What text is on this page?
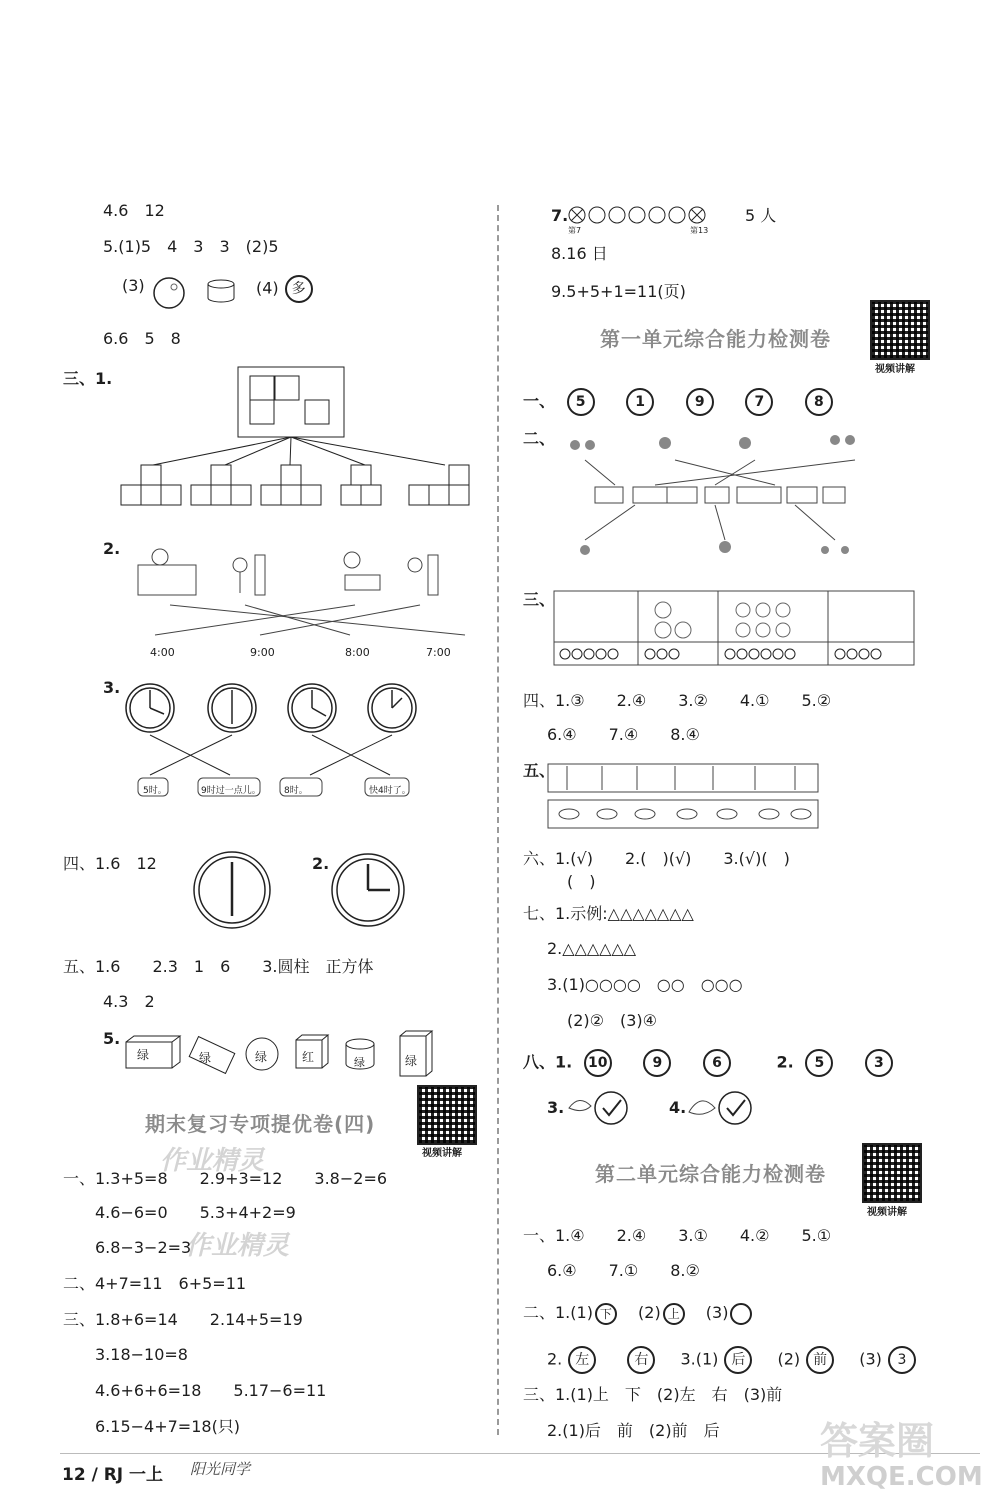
4.6　12
5.(1)5　4　3　3　(2)5
(3)	(4) 多
6.6　5　8
三、1.
2.
4:00	9:00	8:00	7:00
3.
5时。	9时过一点儿。	8时。	快4时了。
四、1.6　12	2.
五、1.6　　2.3　1　6　　3.圆柱　正方体
4.3　2
5.
绿	绿	绿	红	绿	绿
期末复习专项提优卷(四)
视频讲解
作业精灵
作业精灵
一、1.3+5=8　　2.9+3=12　　3.8−2=6
4.6−6=0　　5.3+4+2=9
6.8−3−2=3
二、4+7=11　6+5=11
三、1.8+6=14　　2.14+5=19
3.18−10=8
4.6+6+6=18　　5.17−6=11
6.15−4+7=18(只)
7.
第7	第13
5 人
8.16 日
9.5+5+1=11(页)
第一单元综合能力检测卷
视频讲解
一、 5	1	9	7	8
二、
三、
四、1.③　　2.④　　3.②　　4.①　　5.②
6.④　　7.④　　8.④
五、
六、1.(√)　　2.(　)(√)　　3.(√)(　)
(　)
七、1.示例:△△△△△△△
2.△△△△△△
3.(1)○○○○　○○　○○○
(2)②　(3)④
八、1. 10	9	6	2. 5	3
3.	4.
第二单元综合能力检测卷
视频讲解
一、1.④　　2.④　　3.①　　4.②　　5.①
6.④　　7.①　　8.②
二、1.(1) 下 (2) 上 (3)
2. 左	右 3.(1) 后 (2) 前 (3) 3
三、1.(1)上　下　(2)左　右　(3)前
2.(1)后　前　(2)前　后
12 / RJ 一上 阳光同学
答案圈
MXQE.COM
